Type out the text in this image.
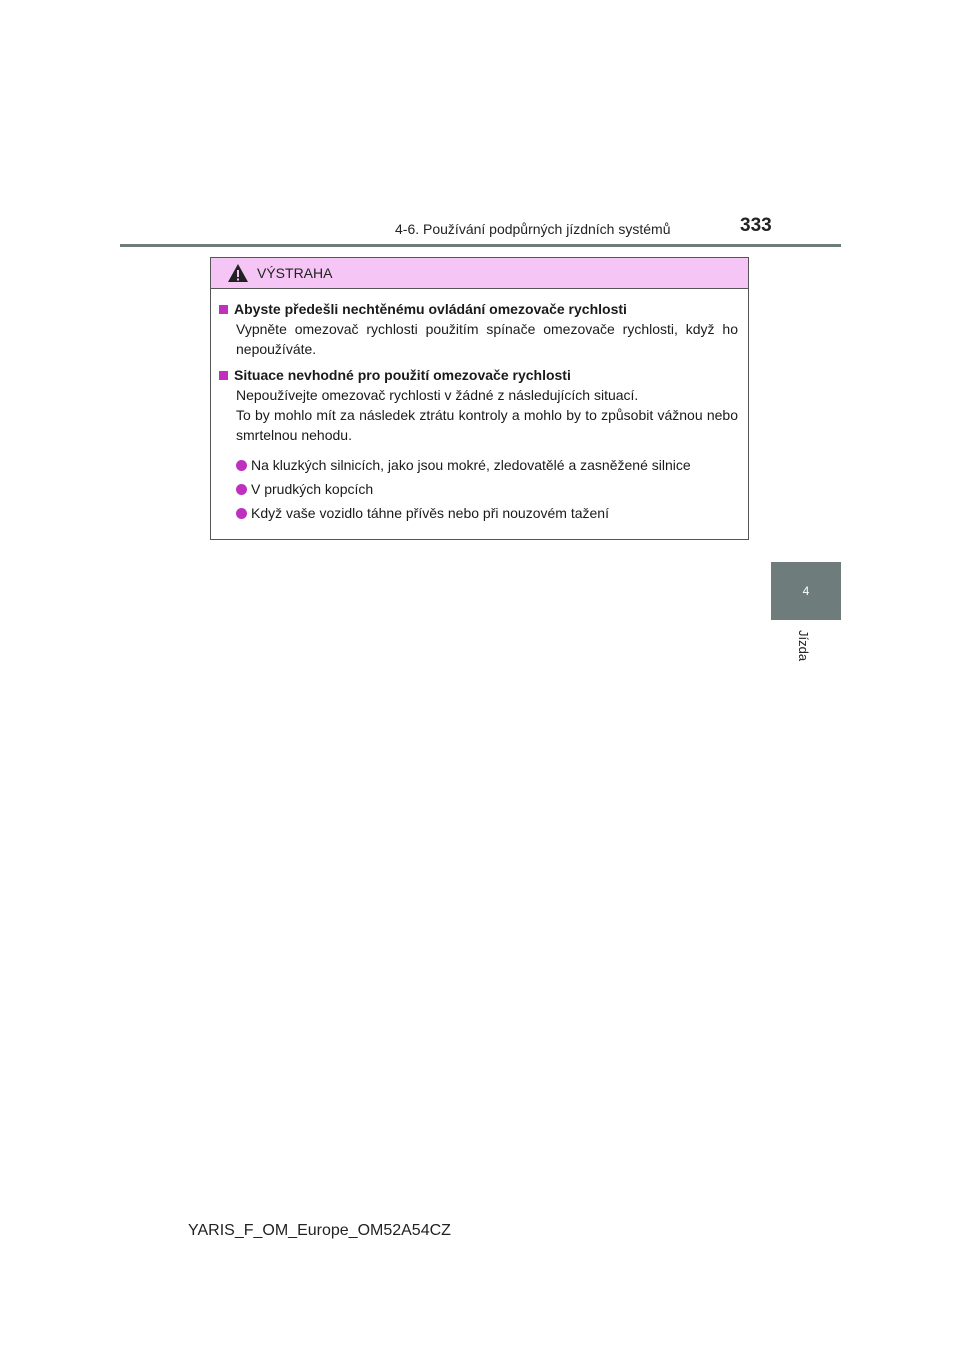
4-6. Používání podpůrných jízdních systémů	333
4
Jízda
VÝSTRAHA
Abyste předešli nechtěnému ovládání omezovače rychlosti
Vypněte omezovač rychlosti použitím spínače omezovače rychlosti, když ho nepoužíváte.
Situace nevhodné pro použití omezovače rychlosti
Nepoužívejte omezovač rychlosti v žádné z následujících situací.
To by mohlo mít za následek ztrátu kontroly a mohlo by to způsobit vážnou nebo smrtelnou nehodu.
Na kluzkých silnicích, jako jsou mokré, zledovatělé a zasněžené silnice
V prudkých kopcích
Když vaše vozidlo táhne přívěs nebo při nouzovém tažení
YARIS_F_OM_Europe_OM52A54CZ
